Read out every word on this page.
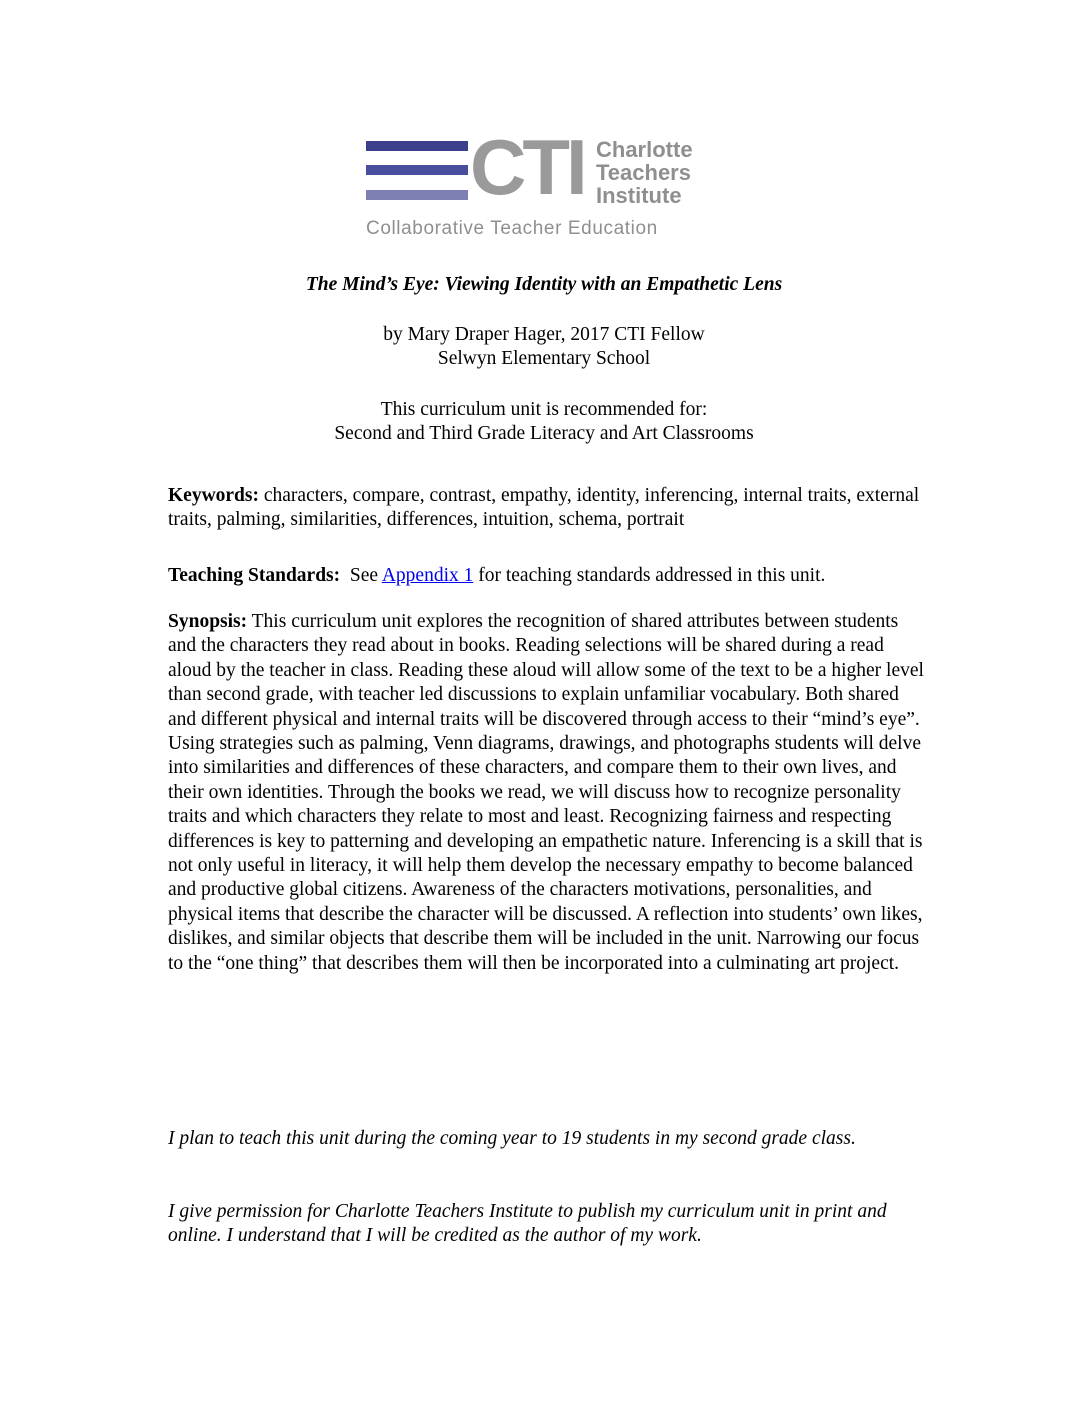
CTI Charlotte
Teachers
Institute
Collaborative Teacher Education
The Mind’s Eye: Viewing Identity with an Empathetic Lens
by Mary Draper Hager, 2017 CTI Fellow
Selwyn Elementary School
This curriculum unit is recommended for:
Second and Third Grade Literacy and Art Classrooms
Keywords: characters, compare, contrast, empathy, identity, inferencing, internal traits, external traits, palming, similarities, differences, intuition, schema, portrait
Teaching Standards:  See Appendix 1 for teaching standards addressed in this unit.
Synopsis: This curriculum unit explores the recognition of shared attributes between students and the characters they read about in books. Reading selections will be shared during a read aloud by the teacher in class. Reading these aloud will allow some of the text to be a higher level than second grade, with teacher led discussions to explain unfamiliar vocabulary. Both shared and different physical and internal traits will be discovered through access to their “mind’s eye”. Using strategies such as palming, Venn diagrams, drawings, and photographs students will delve into similarities and differences of these characters, and compare them to their own lives, and their own identities. Through the books we read, we will discuss how to recognize personality traits and which characters they relate to most and least. Recognizing fairness and respecting differences is key to patterning and developing an empathetic nature. Inferencing is a skill that is not only useful in literacy, it will help them develop the necessary empathy to become balanced and productive global citizens. Awareness of the characters motivations, personalities, and physical items that describe the character will be discussed. A reflection into students’ own likes, dislikes, and similar objects that describe them will be included in the unit. Narrowing our focus to the “one thing” that describes them will then be incorporated into a culminating art project.
I plan to teach this unit during the coming year to 19 students in my second grade class.
I give permission for Charlotte Teachers Institute to publish my curriculum unit in print and online. I understand that I will be credited as the author of my work.
